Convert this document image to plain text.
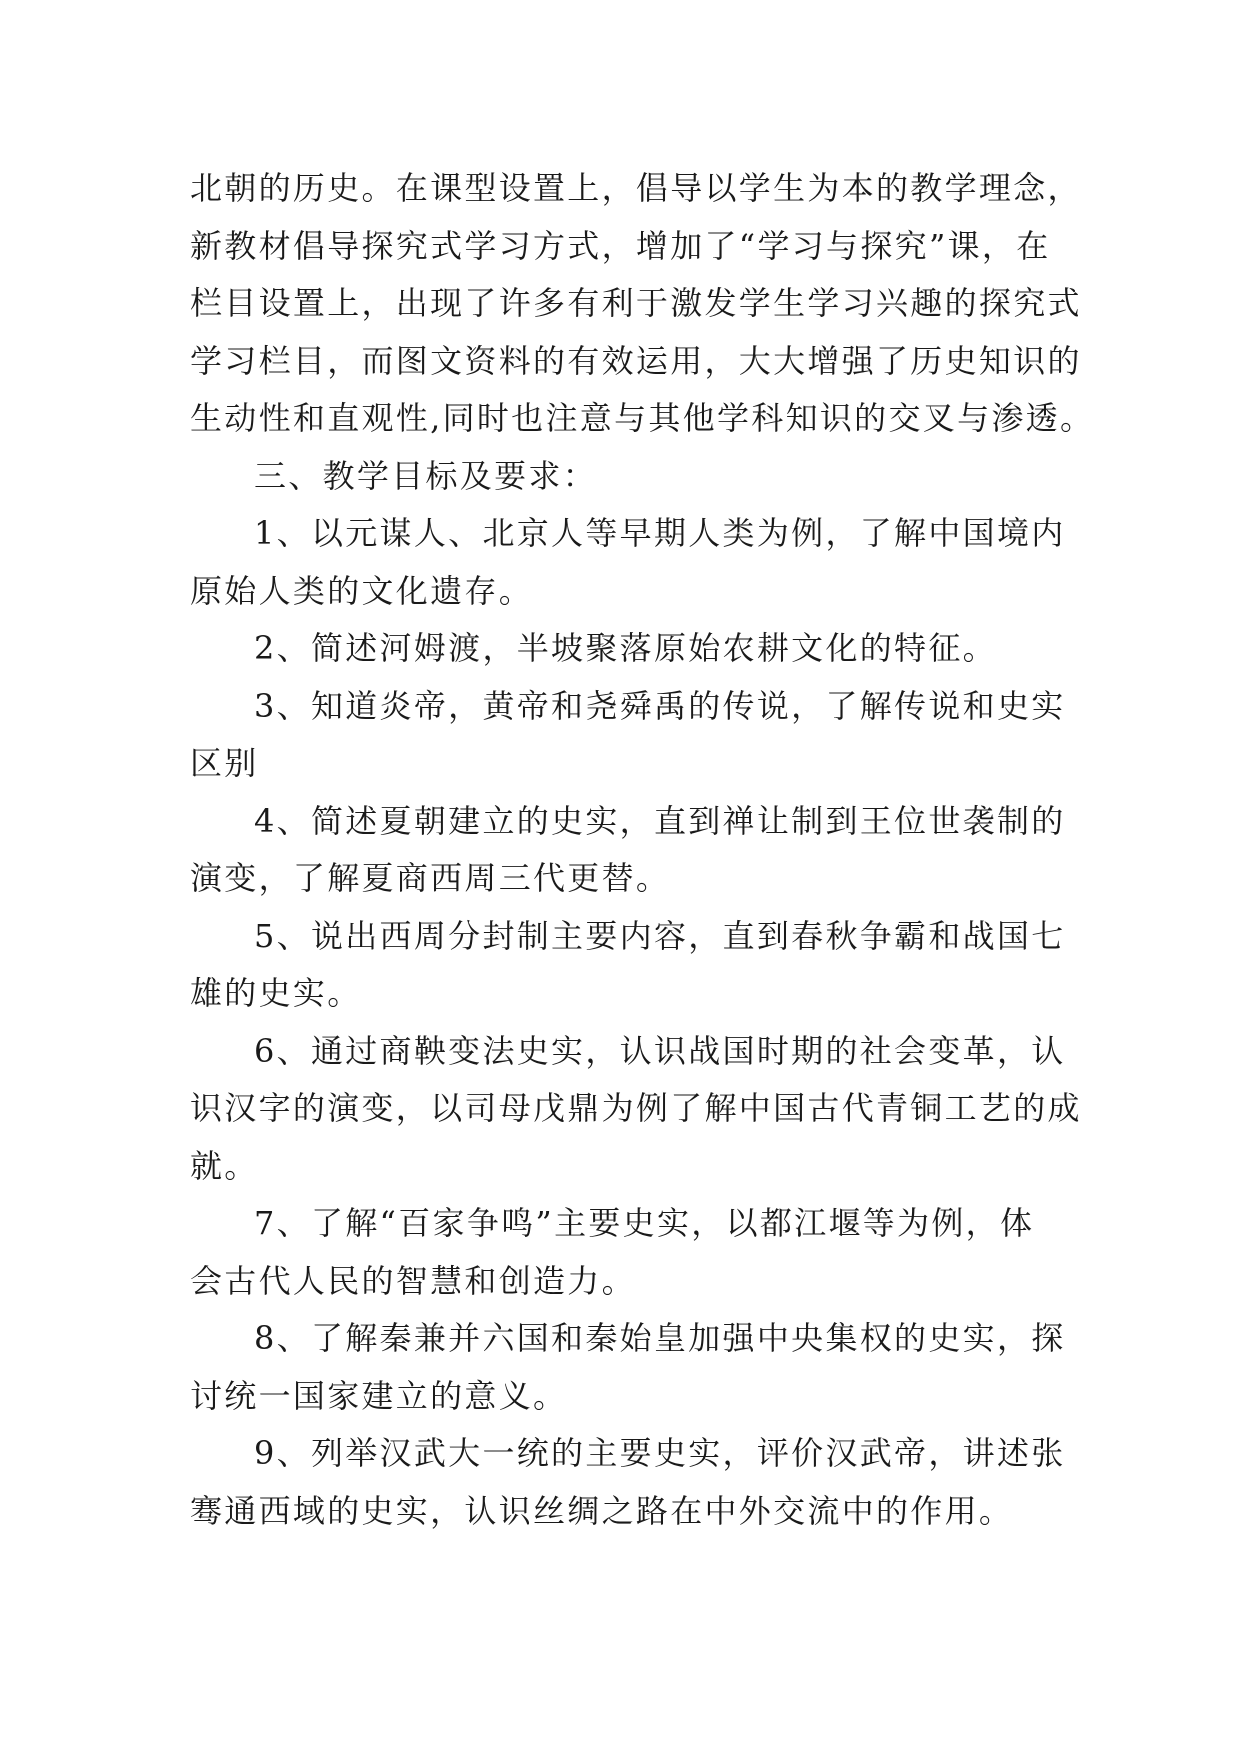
北朝的历史。在课型设置上，倡导以学生为本的教学理念，
新教材倡导探究式学习方式，增加了“学习与探究”课，在
栏目设置上，出现了许多有利于激发学生学习兴趣的探究式
学习栏目，而图文资料的有效运用，大大增强了历史知识的
生动性和直观性,同时也注意与其他学科知识的交叉与渗透。
三、教学目标及要求：
1、以元谋人、北京人等早期人类为例，了解中国境内
原始人类的文化遗存。
2、简述河姆渡，半坡聚落原始农耕文化的特征。
3、知道炎帝，黄帝和尧舜禹的传说，了解传说和史实
区别
4、简述夏朝建立的史实，直到禅让制到王位世袭制的
演变，了解夏商西周三代更替。
5、说出西周分封制主要内容，直到春秋争霸和战国七
雄的史实。
6、通过商鞅变法史实，认识战国时期的社会变革，认
识汉字的演变，以司母戊鼎为例了解中国古代青铜工艺的成
就。
7、了解“百家争鸣”主要史实，以都江堰等为例，体
会古代人民的智慧和创造力。
8、了解秦兼并六国和秦始皇加强中央集权的史实，探
讨统一国家建立的意义。
9、列举汉武大一统的主要史实，评价汉武帝，讲述张
骞通西域的史实，认识丝绸之路在中外交流中的作用。
